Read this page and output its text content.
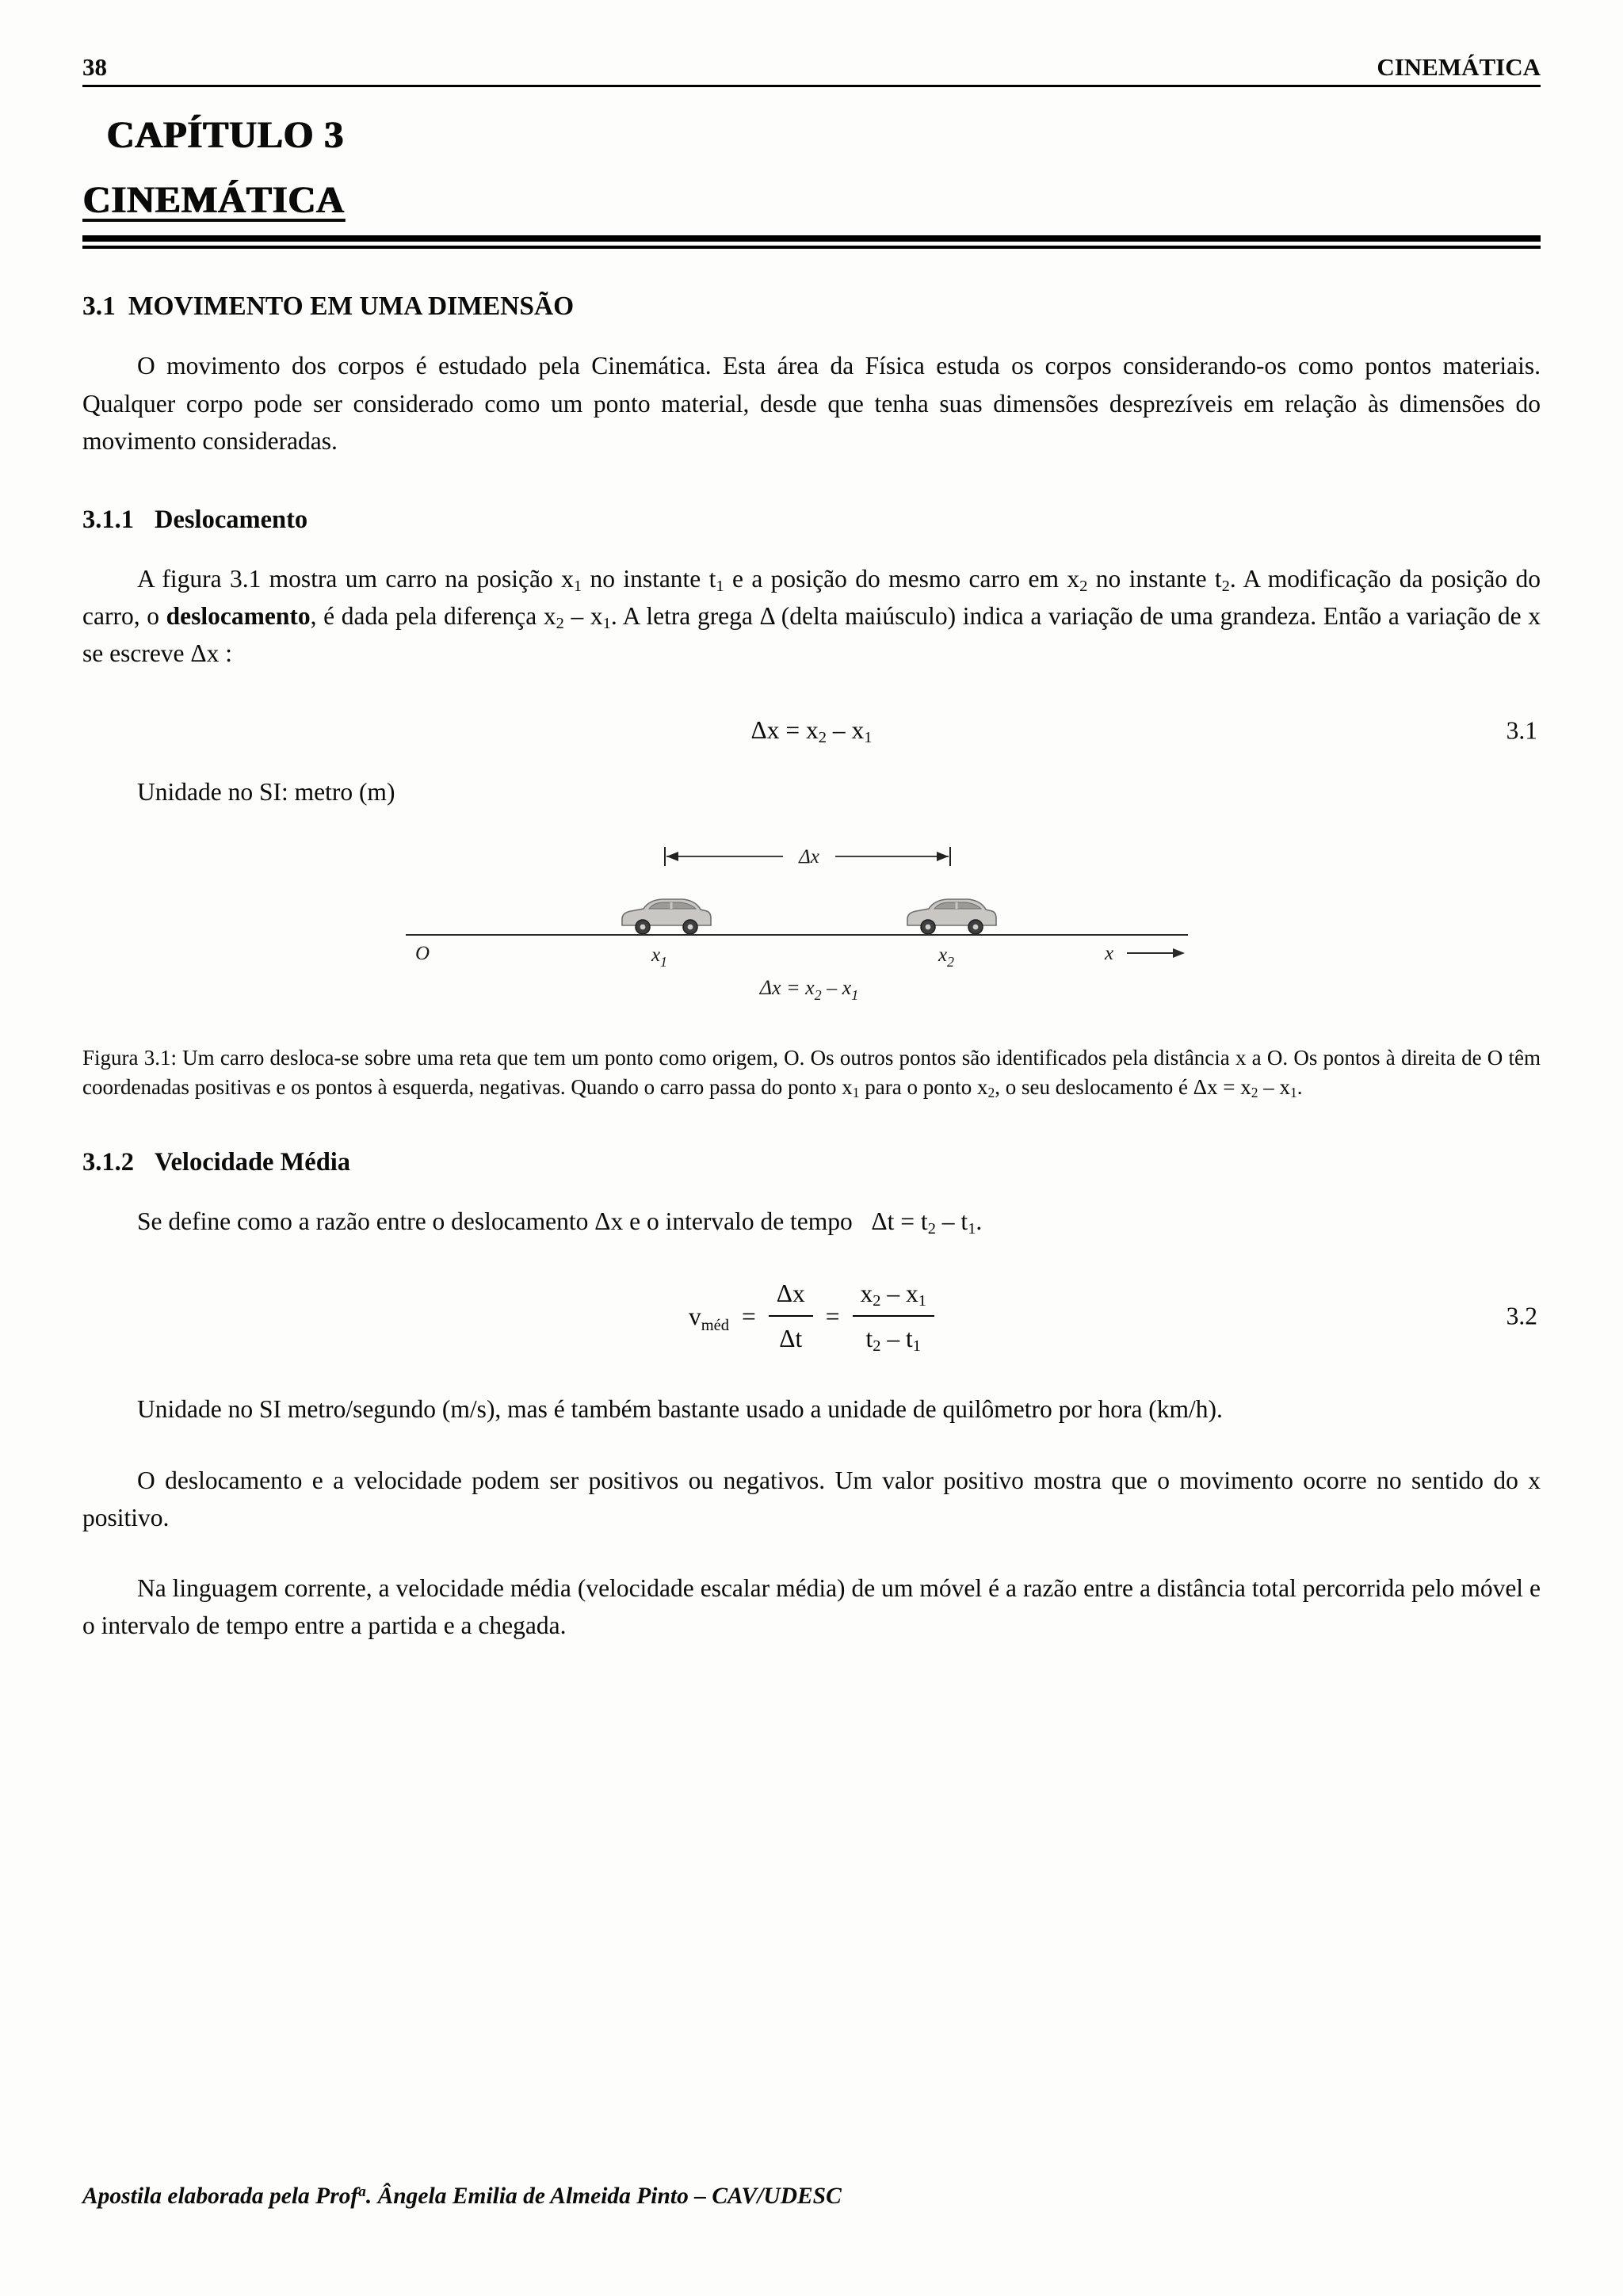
38	CINEMÁTICA
CAPÍTULO 3
CINEMÁTICA
3.1 MOVIMENTO EM UMA DIMENSÃO

O movimento dos corpos é estudado pela Cinemática. Esta área da Física estuda os corpos considerando-os como pontos materiais. Qualquer corpo pode ser considerado como um ponto material, desde que tenha suas dimensões desprezíveis em relação às dimensões do movimento consideradas.

3.1.1 Deslocamento

A figura 3.1 mostra um carro na posição $x_1$ no instante $t_1$ e a posição do mesmo carro em $x_2$ no instante $t_2$. A modificação da posição do carro, o deslocamento, é dada pela diferença $x_2 - x_1$. A letra grega Δ (delta maiúsculo) indica a variação de uma grandeza. Então a variação de x se escreve Δx :

$\Delta x = x_2 - x_1$	3.1

Unidade no SI: metro (m)

Δx
O	$x_1$	$x_2$	x
$\Delta x = x_2 - x_1$

Figura 3.1: Um carro desloca-se sobre uma reta que tem um ponto como origem, O. Os outros pontos são identificados pela distância x a O. Os pontos à direita de O têm coordenadas positivas e os pontos à esquerda, negativas. Quando o carro passa do ponto $x_1$ para o ponto $x_2$, o seu deslocamento é $\Delta x = x_2 - x_1$.

3.1.2 Velocidade Média

Se define como a razão entre o deslocamento Δx e o intervalo de tempo   $\Delta t = t_2 - t_1$.

$v_{méd} = \frac{\Delta x}{\Delta t} = \frac{x_2 - x_1}{t_2 - t_1}$	3.2

Unidade no SI metro/segundo (m/s), mas é também bastante usado a unidade de quilômetro por hora (km/h).

O deslocamento e a velocidade podem ser positivos ou negativos. Um valor positivo mostra que o movimento ocorre no sentido do x positivo.

Na linguagem corrente, a velocidade média (velocidade escalar média) de um móvel é a razão entre a distância total percorrida pelo móvel e o intervalo de tempo entre a partida e a chegada.

Apostila elaborada pela Prof$^a$. Ângela Emilia de Almeida Pinto – CAV/UDESC
